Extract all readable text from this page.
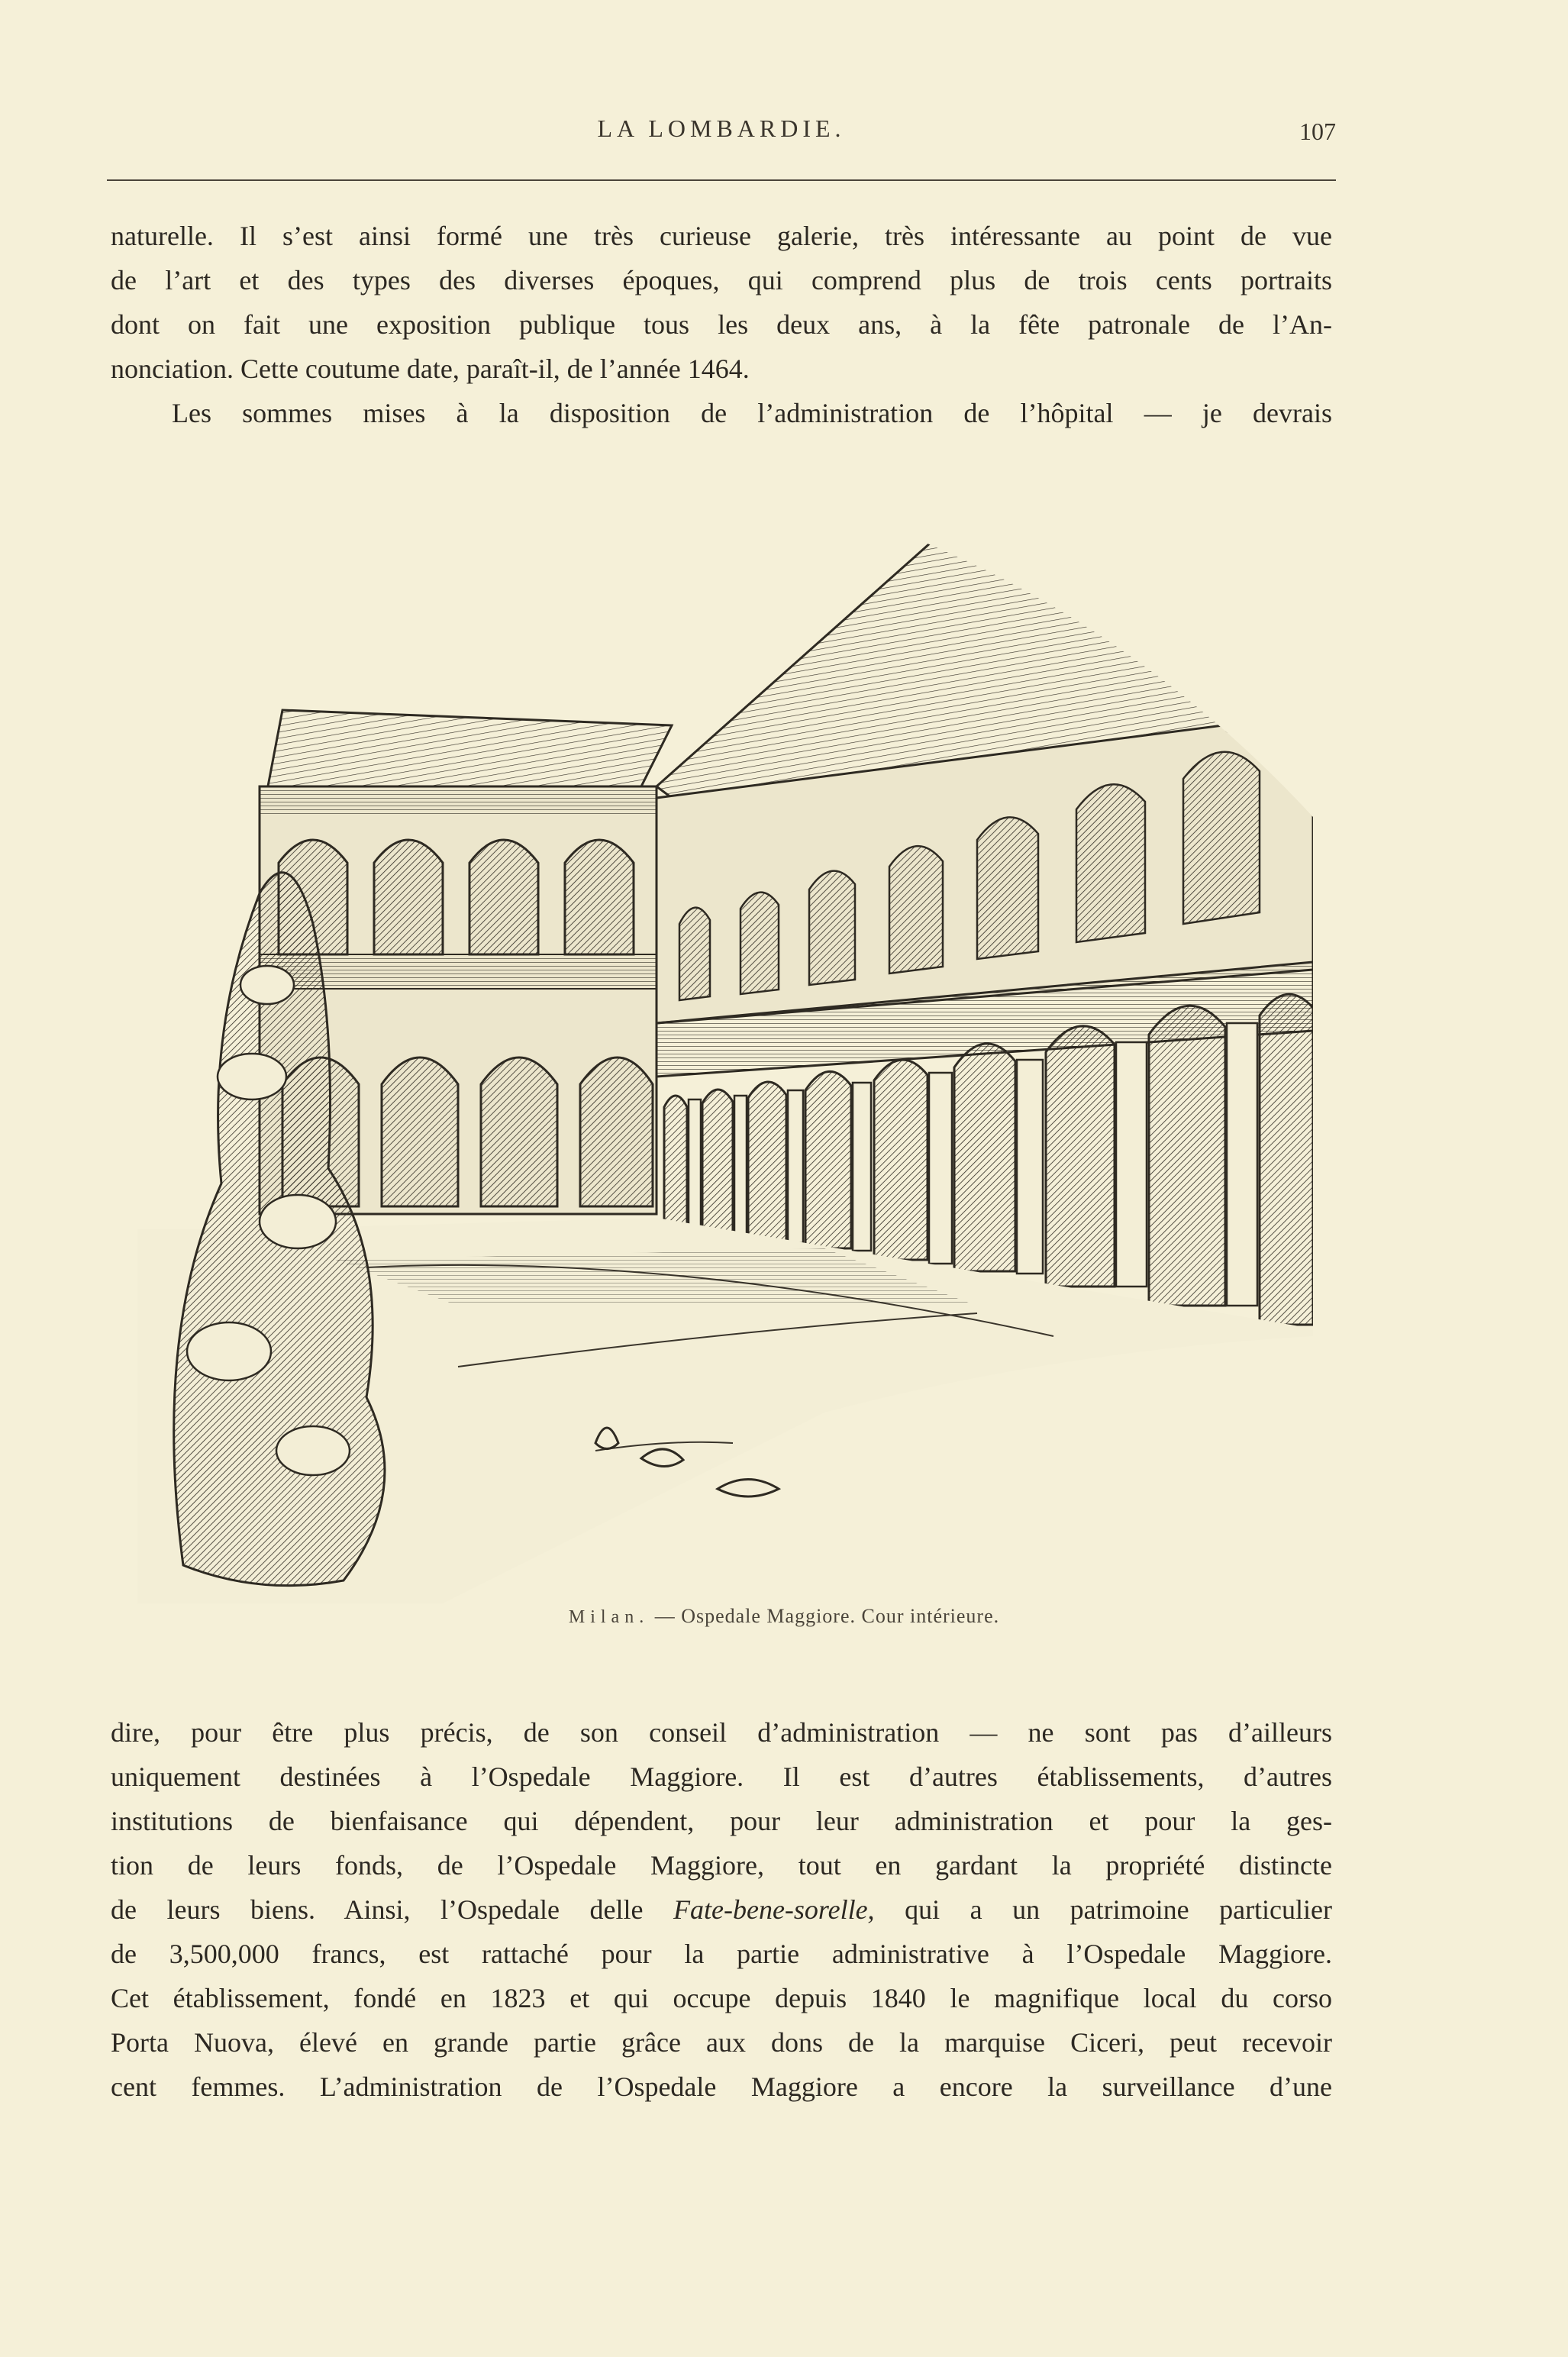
LA LOMBARDIE.	107
naturelle. Il s’est ainsi formé une très curieuse galerie, très intéressante au point de vue
de l’art et des types des diverses époques, qui comprend plus de trois cents portraits
dont on fait une exposition publique tous les deux ans, à la fête patronale de l’An-
nonciation. Cette coutume date, paraît-il, de l’année 1464.
Les sommes mises à la disposition de l’administration de l’hôpital — je devrais
Milan. — Ospedale Maggiore. Cour intérieure.
dire, pour être plus précis, de son conseil d’administration — ne sont pas d’ailleurs
uniquement destinées à l’Ospedale Maggiore. Il est d’autres établissements, d’autres
institutions de bienfaisance qui dépendent, pour leur administration et pour la ges-
tion de leurs fonds, de l’Ospedale Maggiore, tout en gardant la propriété distincte
de leurs biens. Ainsi, l’Ospedale delle Fate-bene-sorelle, qui a un patrimoine particulier
de 3,500,000 francs, est rattaché pour la partie administrative à l’Ospedale Maggiore.
Cet établissement, fondé en 1823 et qui occupe depuis 1840 le magnifique local du corso
Porta Nuova, élevé en grande partie grâce aux dons de la marquise Ciceri, peut recevoir
cent femmes. L’administration de l’Ospedale Maggiore a encore la surveillance d’une
